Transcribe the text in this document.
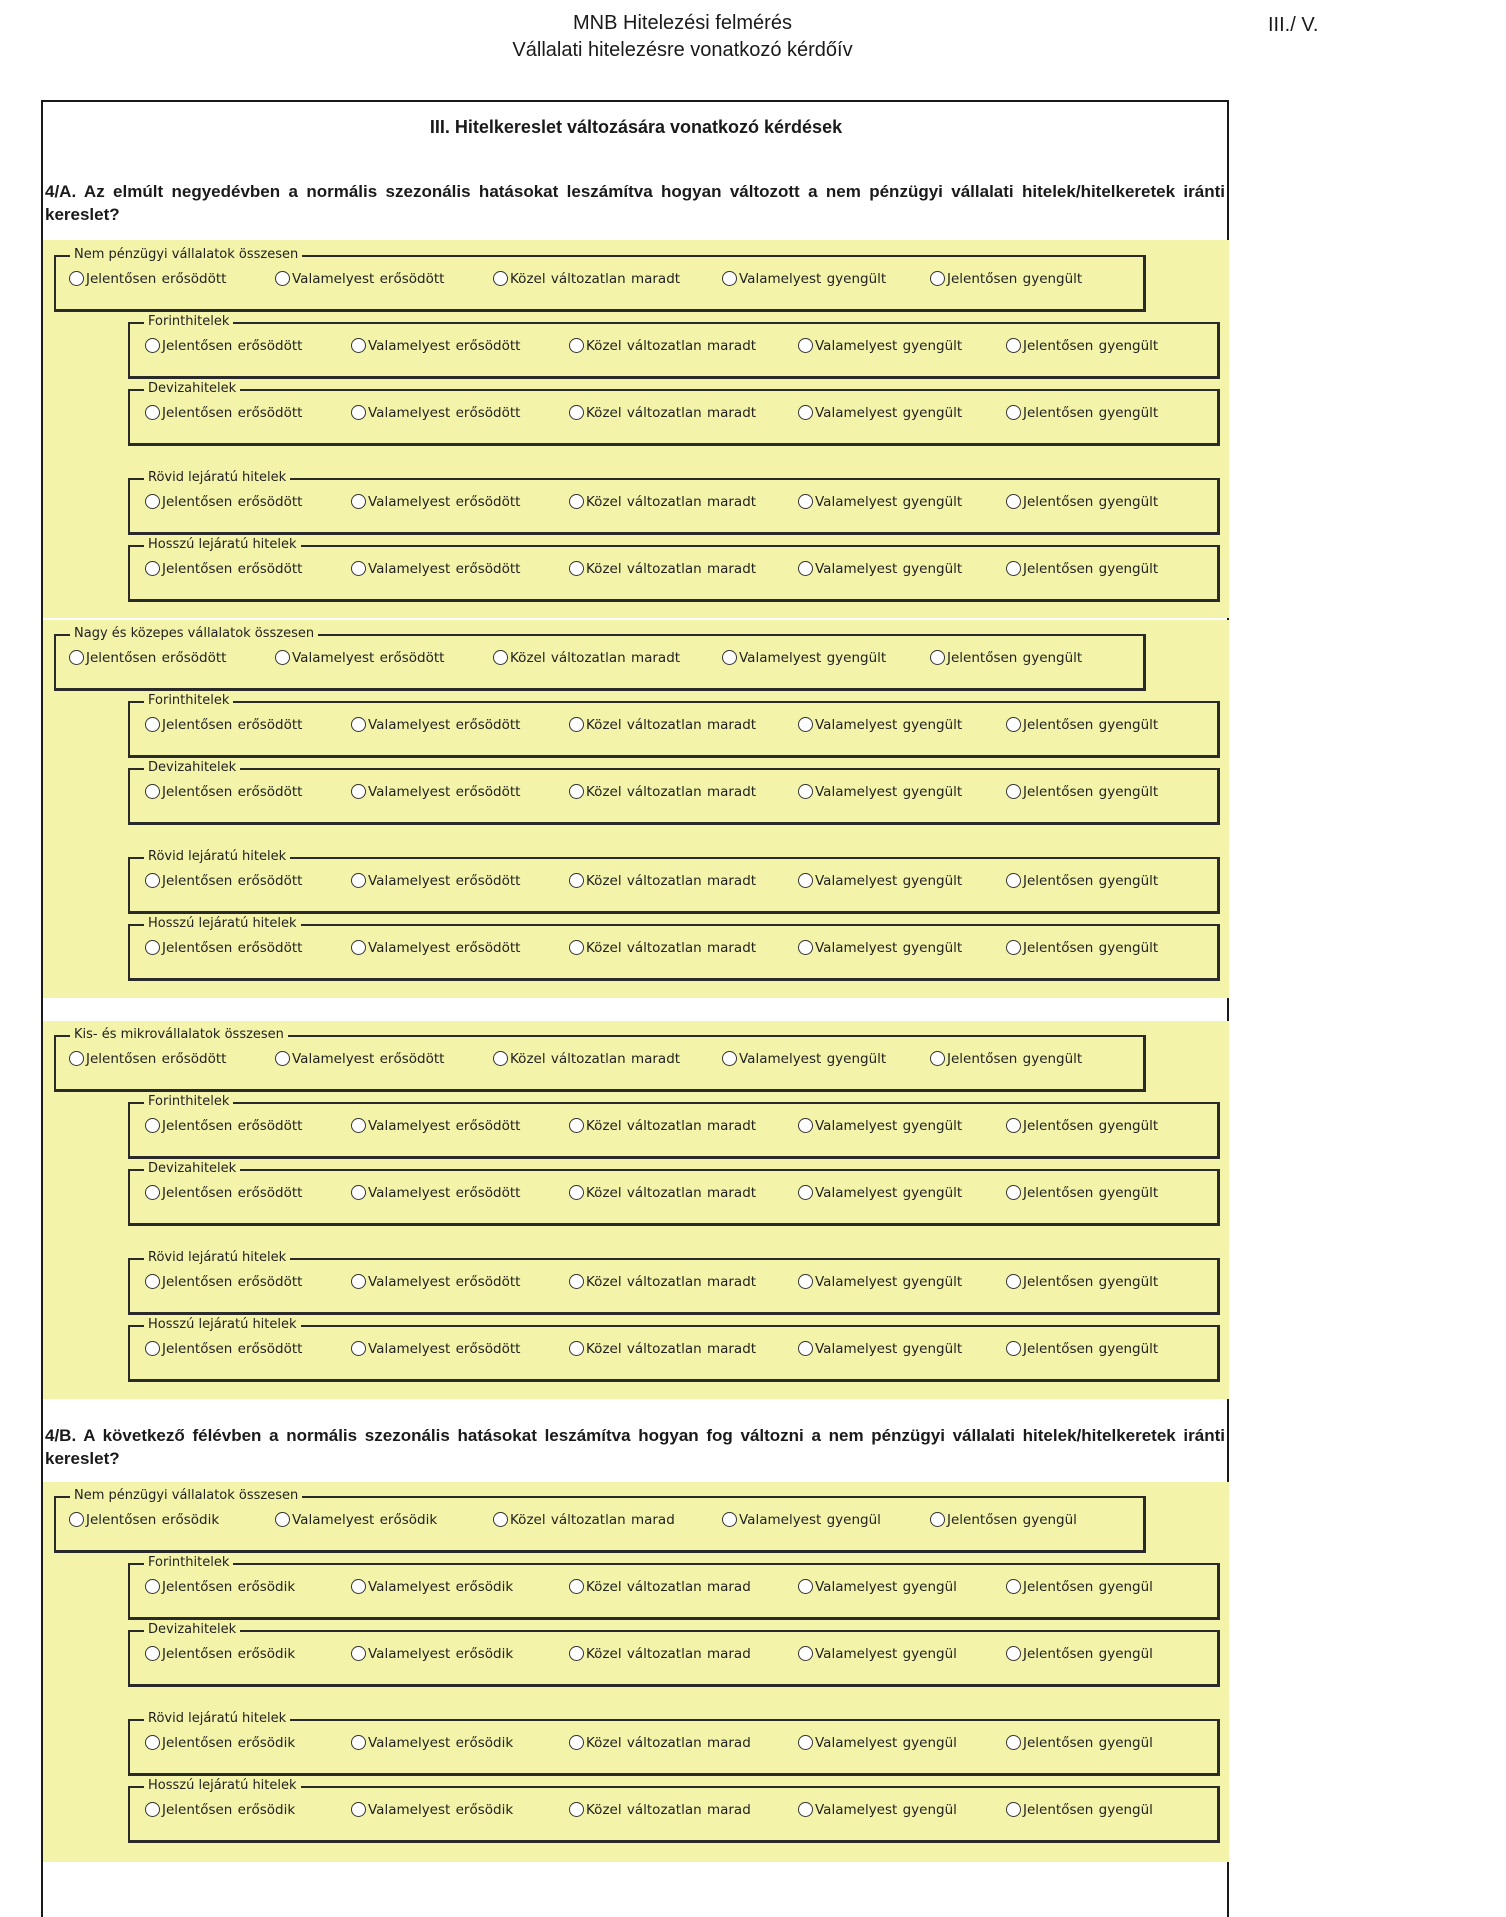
MNB Hitelezési felmérés
Vállalati hitelezésre vonatkozó kérdőív
III./ V.
III. Hitelkereslet változására vonatkozó kérdések
4/A. Az elmúlt negyedévben a normális szezonális hatásokat leszámítva hogyan változott a nem pénzügyi vállalati hitelek/hitelkeretek iránti kereslet?
4/B. A következő félévben a normális szezonális hatásokat leszámítva hogyan fog változni a nem pénzügyi vállalati hitelek/hitelkeretek iránti kereslet?
Nem pénzügyi vállalatok összesen
Jelentősen erősödött	Valamelyest erősödött	Közel változatlan maradt	Valamelyest gyengült	Jelentősen gyengült
Forinthitelek
Jelentősen erősödött	Valamelyest erősödött	Közel változatlan maradt	Valamelyest gyengült	Jelentősen gyengült
Devizahitelek
Jelentősen erősödött	Valamelyest erősödött	Közel változatlan maradt	Valamelyest gyengült	Jelentősen gyengült
Rövid lejáratú hitelek
Jelentősen erősödött	Valamelyest erősödött	Közel változatlan maradt	Valamelyest gyengült	Jelentősen gyengült
Hosszú lejáratú hitelek
Jelentősen erősödött	Valamelyest erősödött	Közel változatlan maradt	Valamelyest gyengült	Jelentősen gyengült
Nagy és közepes vállalatok összesen
Jelentősen erősödött	Valamelyest erősödött	Közel változatlan maradt	Valamelyest gyengült	Jelentősen gyengült
Forinthitelek
Jelentősen erősödött	Valamelyest erősödött	Közel változatlan maradt	Valamelyest gyengült	Jelentősen gyengült
Devizahitelek
Jelentősen erősödött	Valamelyest erősödött	Közel változatlan maradt	Valamelyest gyengült	Jelentősen gyengült
Rövid lejáratú hitelek
Jelentősen erősödött	Valamelyest erősödött	Közel változatlan maradt	Valamelyest gyengült	Jelentősen gyengült
Hosszú lejáratú hitelek
Jelentősen erősödött	Valamelyest erősödött	Közel változatlan maradt	Valamelyest gyengült	Jelentősen gyengült
Kis- és mikrovállalatok összesen
Jelentősen erősödött	Valamelyest erősödött	Közel változatlan maradt	Valamelyest gyengült	Jelentősen gyengült
Forinthitelek
Jelentősen erősödött	Valamelyest erősödött	Közel változatlan maradt	Valamelyest gyengült	Jelentősen gyengült
Devizahitelek
Jelentősen erősödött	Valamelyest erősödött	Közel változatlan maradt	Valamelyest gyengült	Jelentősen gyengült
Rövid lejáratú hitelek
Jelentősen erősödött	Valamelyest erősödött	Közel változatlan maradt	Valamelyest gyengült	Jelentősen gyengült
Hosszú lejáratú hitelek
Jelentősen erősödött	Valamelyest erősödött	Közel változatlan maradt	Valamelyest gyengült	Jelentősen gyengült
Nem pénzügyi vállalatok összesen
Jelentősen erősödik	Valamelyest erősödik	Közel változatlan marad	Valamelyest gyengül	Jelentősen gyengül
Forinthitelek
Jelentősen erősödik	Valamelyest erősödik	Közel változatlan marad	Valamelyest gyengül	Jelentősen gyengül
Devizahitelek
Jelentősen erősödik	Valamelyest erősödik	Közel változatlan marad	Valamelyest gyengül	Jelentősen gyengül
Rövid lejáratú hitelek
Jelentősen erősödik	Valamelyest erősödik	Közel változatlan marad	Valamelyest gyengül	Jelentősen gyengül
Hosszú lejáratú hitelek
Jelentősen erősödik	Valamelyest erősödik	Közel változatlan marad	Valamelyest gyengül	Jelentősen gyengül
